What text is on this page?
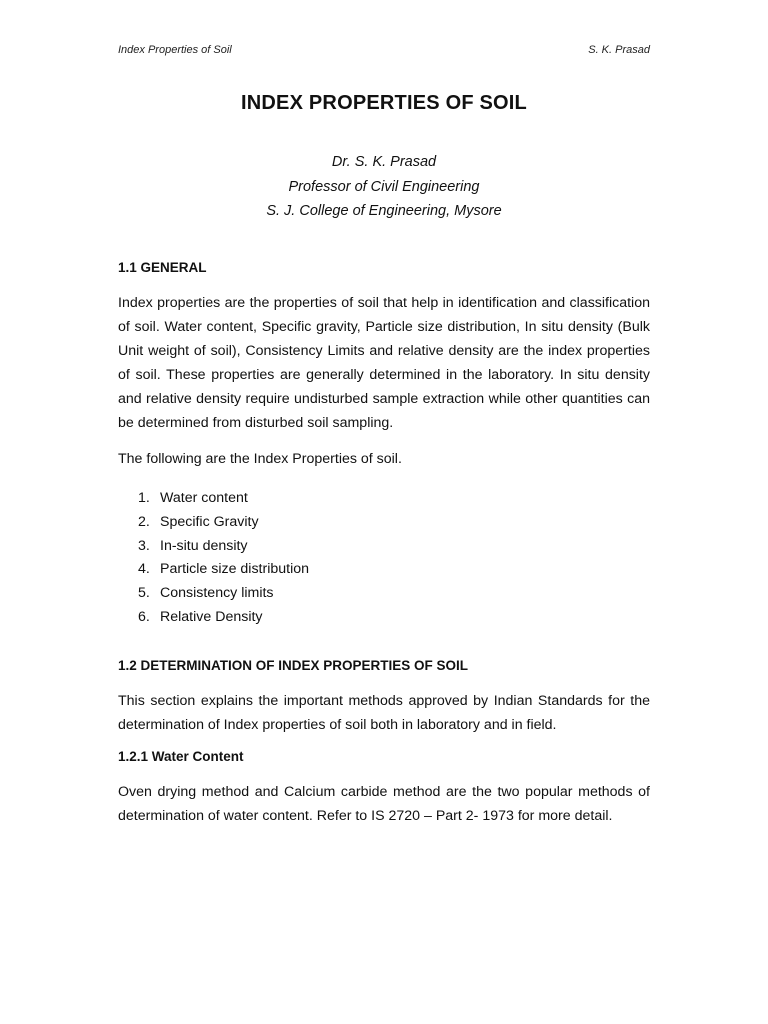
Index Properties of Soil	S. K. Prasad
INDEX PROPERTIES OF SOIL
Dr. S. K. Prasad
Professor of Civil Engineering
S. J. College of Engineering, Mysore
1.1 GENERAL

Index properties are the properties of soil that help in identification and classification of soil. Water content, Specific gravity, Particle size distribution, In situ density (Bulk Unit weight of soil), Consistency Limits and relative density are the index properties of soil. These properties are generally determined in the laboratory. In situ density and relative density require undisturbed sample extraction while other quantities can be determined from disturbed soil sampling.

The following are the Index Properties of soil.

1. Water content
2. Specific Gravity
3. In-situ density
4. Particle size distribution
5. Consistency limits
6. Relative Density
1.2 DETERMINATION OF INDEX PROPERTIES OF SOIL

This section explains the important methods approved by Indian Standards for the determination of Index properties of soil both in laboratory and in field.

1.2.1 Water Content

Oven drying method and Calcium carbide method are the two popular methods of determination of water content. Refer to IS 2720 – Part 2- 1973 for more detail.
